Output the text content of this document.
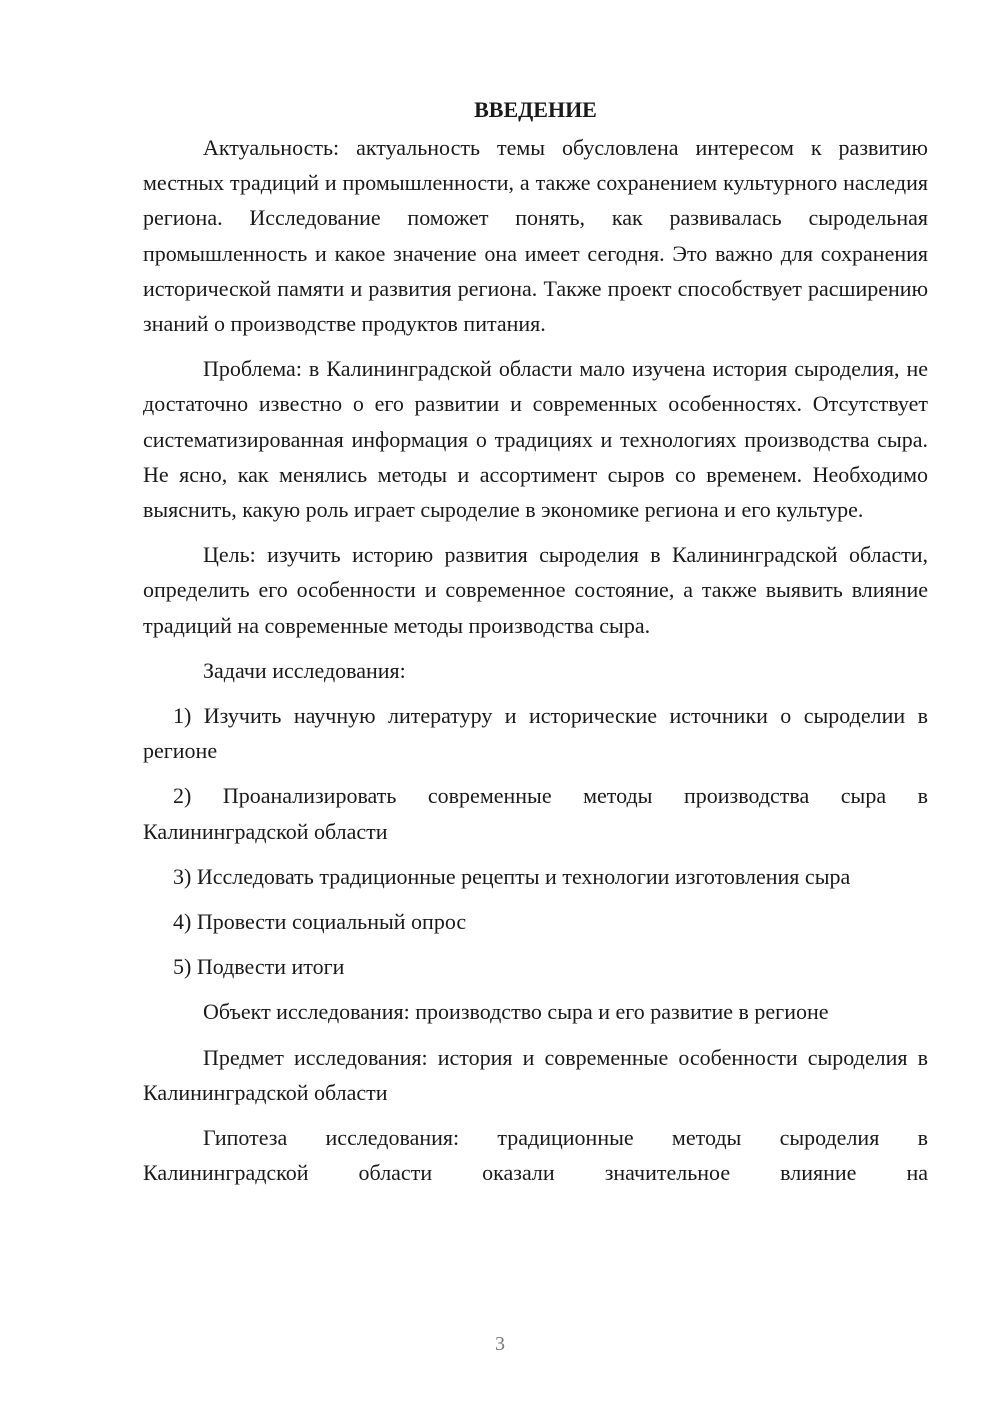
ВВЕДЕНИЕ

Актуальность: актуальность темы обусловлена интересом к развитию местных традиций и промышленности, а также сохранением культурного наследия региона. Исследование поможет понять, как развивалась сыродельная промышленность и какое значение она имеет сегодня. Это важно для сохранения исторической памяти и развития региона. Также проект способствует расширению знаний о производстве продуктов питания.

Проблема: в Калининградской области мало изучена история сыроделия, не достаточно известно о его развитии и современных особенностях. Отсутствует систематизированная информация о традициях и технологиях производства сыра. Не ясно, как менялись методы и ассортимент сыров со временем. Необходимо выяснить, какую роль играет сыроделие в экономике региона и его культуре.

Цель: изучить историю развития сыроделия в Калининградской области, определить его особенности и современное состояние, а также выявить влияние традиций на современные методы производства сыра.

Задачи исследования:

1) Изучить научную литературу и исторические источники о сыроделии в регионе

2) Проанализировать современные методы производства сыра в Калининградской области

3) Исследовать традиционные рецепты и технологии изготовления сыра

4) Провести социальный опрос

5) Подвести итоги

Объект исследования: производство сыра и его развитие в регионе

Предмет исследования: история и современные особенности сыроделия в Калининградской области

Гипотеза исследования: традиционные методы сыроделия в Калининградской области оказали значительное влияние на

3
